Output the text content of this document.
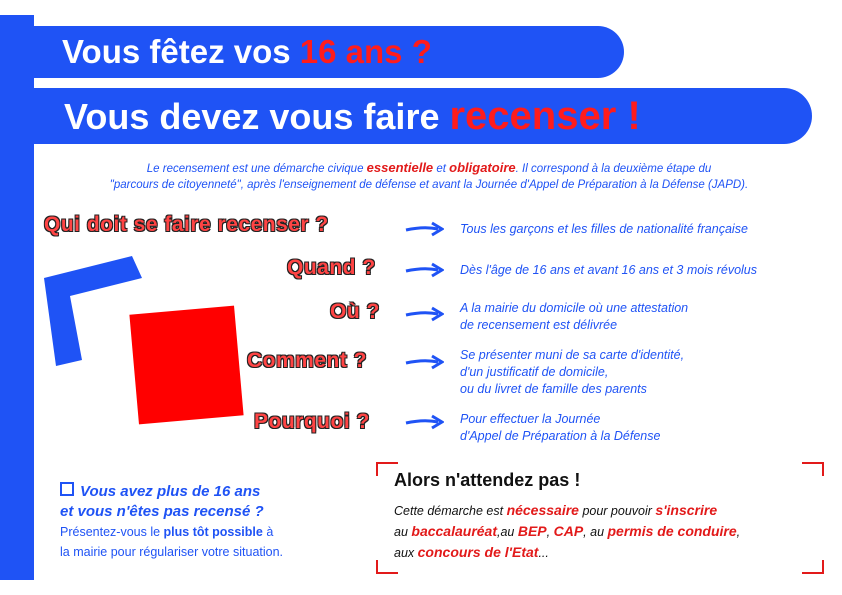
Vous fêtez vos 16 ans ?
Vous devez vous faire recenser !
Le recensement est une démarche civique essentielle et obligatoire. Il correspond à la deuxième étape du
"parcours de citoyenneté", après l'enseignement de défense et avant la Journée d'Appel de Préparation à la Défense (JAPD).
Qui doit se faire recenser ?	Tous les garçons et les filles de nationalité française
Quand ?	Dès l'âge de 16 ans et avant 16 ans et 3 mois révolus
Où ?	A la mairie du domicile où une attestation
de recensement est délivrée
Comment ?	Se présenter muni de sa carte d'identité,
d'un justificatif de domicile,
ou du livret de famille des parents
Pourquoi ?	Pour effectuer la Journée
d'Appel de Préparation à la Défense
Vous avez plus de 16 ans
et vous n'êtes pas recensé ?
Présentez-vous le plus tôt possible à
la mairie pour régulariser votre situation.
Alors n'attendez pas !
Cette démarche est nécessaire pour pouvoir s'inscrire
au baccalauréat,au BEP, CAP, au permis de conduire,
aux concours de l'Etat...
